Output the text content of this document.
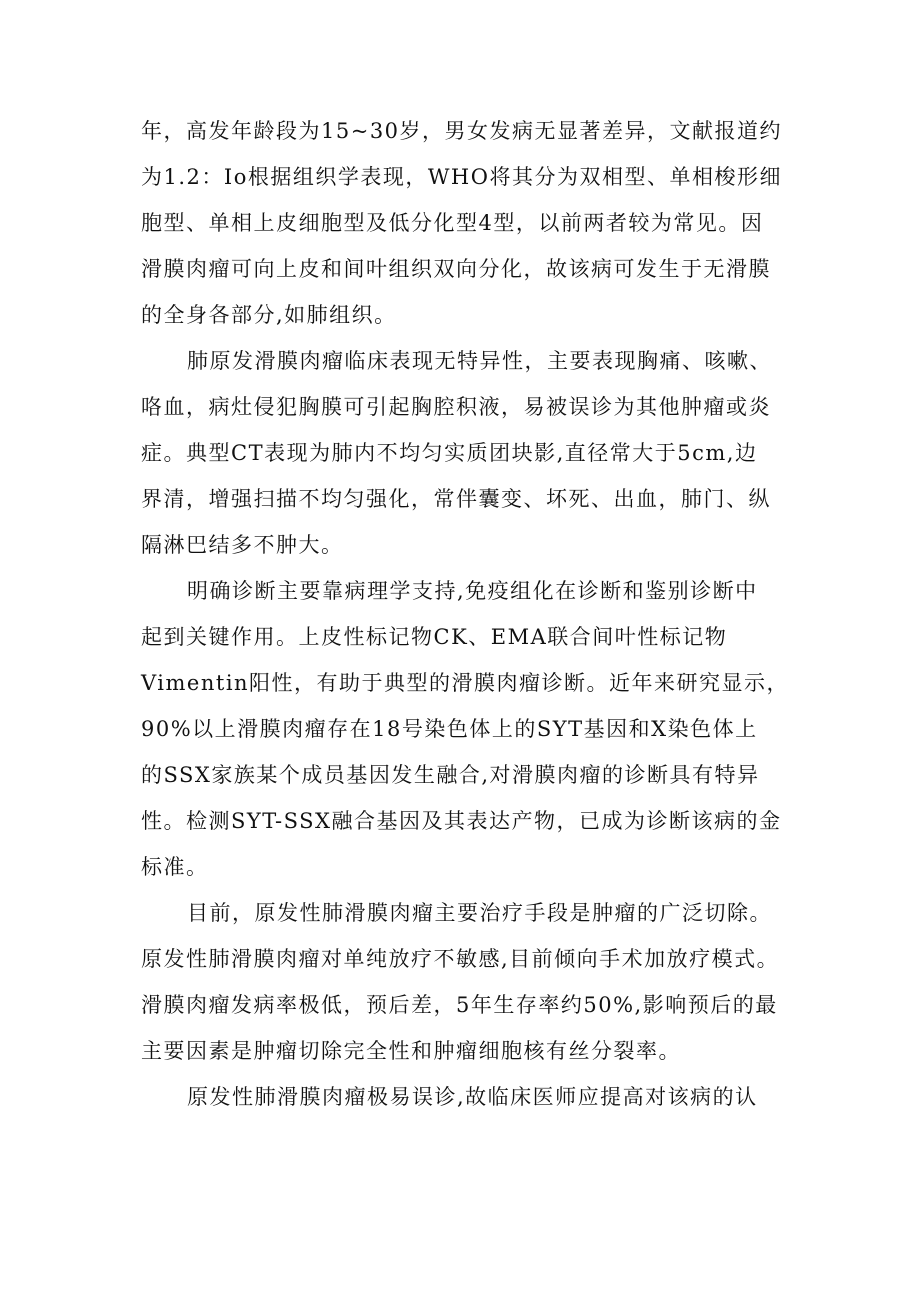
年，高发年龄段为15~30岁，男女发病无显著差异，文献报道约
为1.2：Io根据组织学表现，WHO将其分为双相型、单相梭形细
胞型、单相上皮细胞型及低分化型4型，以前两者较为常见。因
滑膜肉瘤可向上皮和间叶组织双向分化，故该病可发生于无滑膜
的全身各部分,如肺组织。
肺原发滑膜肉瘤临床表现无特异性，主要表现胸痛、咳嗽、
咯血，病灶侵犯胸膜可引起胸腔积液，易被误诊为其他肿瘤或炎
症。典型CT表现为肺内不均匀实质团块影,直径常大于5cm,边
界清，增强扫描不均匀强化，常伴囊变、坏死、出血，肺门、纵
隔淋巴结多不肿大。
明确诊断主要靠病理学支持,免疫组化在诊断和鉴别诊断中
起到关键作用。上皮性标记物CK、EMA联合间叶性标记物
Vimentin阳性，有助于典型的滑膜肉瘤诊断。近年来研究显示，
90%以上滑膜肉瘤存在18号染色体上的SYT基因和X染色体上
的SSX家族某个成员基因发生融合,对滑膜肉瘤的诊断具有特异
性。检测SYT-SSX融合基因及其表达产物，已成为诊断该病的金
标准。
目前，原发性肺滑膜肉瘤主要治疗手段是肿瘤的广泛切除。
原发性肺滑膜肉瘤对单纯放疗不敏感,目前倾向手术加放疗模式。
滑膜肉瘤发病率极低，预后差，5年生存率约50%,影响预后的最
主要因素是肿瘤切除完全性和肿瘤细胞核有丝分裂率。
原发性肺滑膜肉瘤极易误诊,故临床医师应提高对该病的认
